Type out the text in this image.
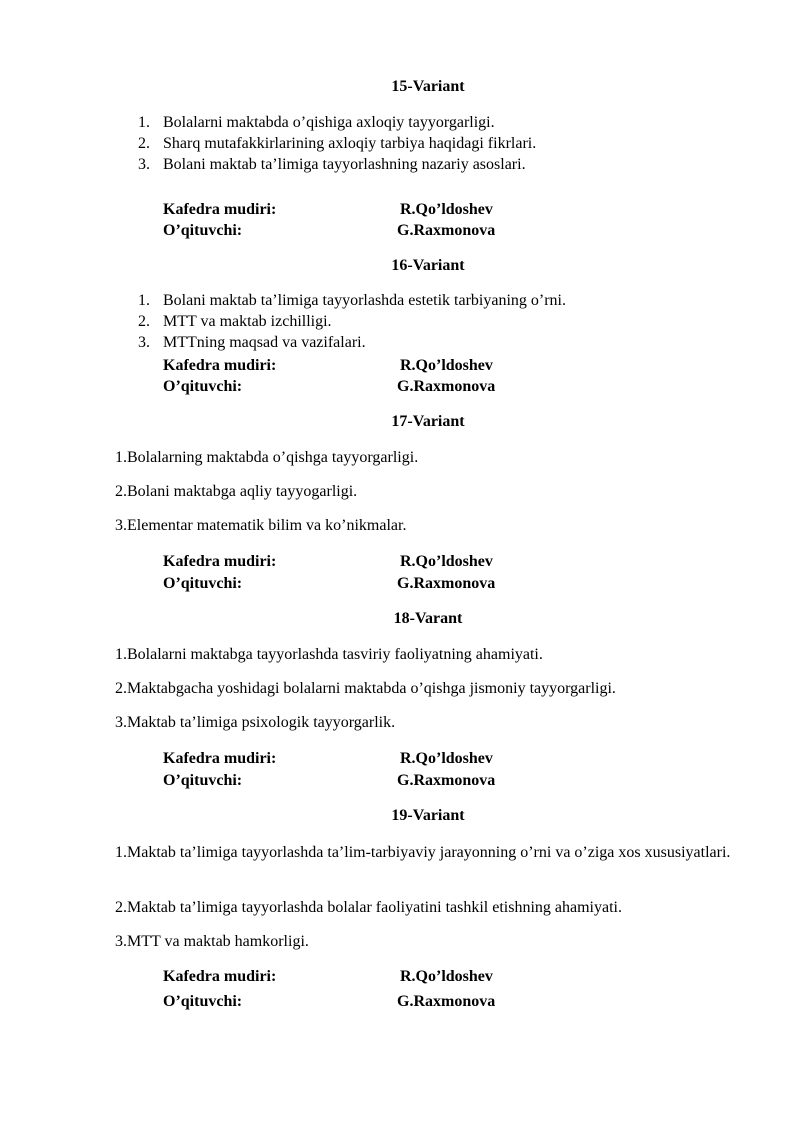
15-Variant
1. Bolalarni maktabda o’qishiga axloqiy tayyorgarligi.
2. Sharq mutafakkirlarining axloqiy tarbiya haqidagi fikrlari.
3. Bolani maktab ta’limiga tayyorlashning nazariy asoslari.
Kafedra mudiri:	R.Qo’ldoshev
O’qituvchi:	G.Raxmonova
16-Variant
1. Bolani maktab ta’limiga tayyorlashda estetik tarbiyaning o’rni.
2. MTT va maktab izchilligi.
3. MTTning maqsad va vazifalari.
Kafedra mudiri:	R.Qo’ldoshev
O’qituvchi:	G.Raxmonova
17-Variant
1.Bolalarning maktabda o’qishga tayyorgarligi.
2.Bolani maktabga aqliy tayyogarligi.
3.Elementar matematik bilim va ko’nikmalar.
Kafedra mudiri:	R.Qo’ldoshev
O’qituvchi:	G.Raxmonova
18-Varant
1.Bolalarni maktabga tayyorlashda tasviriy faoliyatning ahamiyati.
2.Maktabgacha yoshidagi bolalarni maktabda o’qishga jismoniy tayyorgarligi.
3.Maktab ta’limiga psixologik tayyorgarlik.
Kafedra mudiri:	R.Qo’ldoshev
O’qituvchi:	G.Raxmonova
19-Variant
1.Maktab ta’limiga tayyorlashda ta’lim-tarbiyaviy jarayonning o’rni va o’ziga xos xususiyatlari.
2.Maktab ta’limiga tayyorlashda bolalar faoliyatini tashkil etishning ahamiyati.
3.MTT va maktab hamkorligi.
Kafedra mudiri:	R.Qo’ldoshev
O’qituvchi:	G.Raxmonova
